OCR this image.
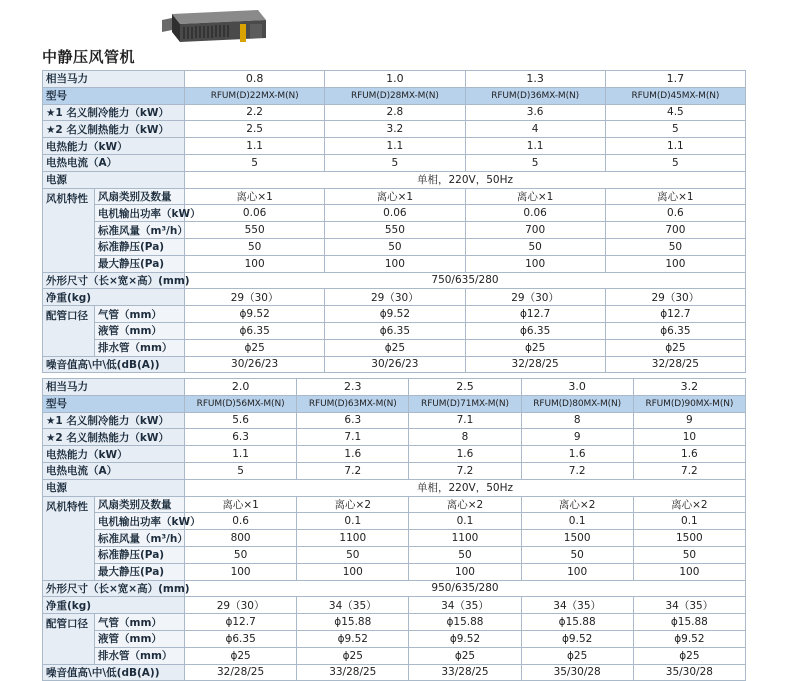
中静压风管机
相当马力		0.8	1.0	1.3	1.7
型号		RFUM(D)22MX-M(N)	RFUM(D)28MX-M(N)	RFUM(D)36MX-M(N)	RFUM(D)45MX-M(N)
★1 名义制冷能力（kW）		2.2	2.8	3.6	4.5
★2 名义制热能力（kW）		2.5	3.2	4	5
电热能力（kW）		1.1	1.1	1.1	1.1
电热电流（A）		5	5	5	5
电源		单相，220V，50Hz			
风机特性	风扇类别及数量	离心×1	离心×1	离心×1	离心×1
	电机输出功率（kW）	0.06	0.06	0.06	0.6
	标准风量（m³/h）	550	550	700	700
	标准静压(Pa)	50	50	50	50
	最大静压(Pa)	100	100	100	100
外形尺寸（长×宽×高）(mm)		750/635/280			
净重(kg)		29（30）	29（30）	29（30）	29（30）
配管口径	气管（mm）	ϕ9.52	ϕ9.52	ϕ12.7	ϕ12.7
	液管（mm）	ϕ6.35	ϕ6.35	ϕ6.35	ϕ6.35
	排水管（mm）	ϕ25	ϕ25	ϕ25	ϕ25
噪音值高\中\低(dB(A))		30/26/23	30/26/23	32/28/25	32/28/25
相当马力		2.0	2.3	2.5	3.0	3.2
型号		RFUM(D)56MX-M(N)	RFUM(D)63MX-M(N)	RFUM(D)71MX-M(N)	RFUM(D)80MX-M(N)	RFUM(D)90MX-M(N)
★1 名义制冷能力（kW）		5.6	6.3	7.1	8	9
★2 名义制热能力（kW）		6.3	7.1	8	9	10
电热能力（kW）		1.1	1.6	1.6	1.6	1.6
电热电流（A）		5	7.2	7.2	7.2	7.2
电源		单相，220V，50Hz				
风机特性	风扇类别及数量	离心×1	离心×2	离心×2	离心×2	离心×2
	电机输出功率（kW）	0.6	0.1	0.1	0.1	0.1
	标准风量（m³/h）	800	1100	1100	1500	1500
	标准静压(Pa)	50	50	50	50	50
	最大静压(Pa)	100	100	100	100	100
外形尺寸（长×宽×高）(mm)		950/635/280				
净重(kg)		29（30）	34（35）	34（35）	34（35）	34（35）
配管口径	气管（mm）	ϕ12.7	ϕ15.88	ϕ15.88	ϕ15.88	ϕ15.88
	液管（mm）	ϕ6.35	ϕ9.52	ϕ9.52	ϕ9.52	ϕ9.52
	排水管（mm）	ϕ25	ϕ25	ϕ25	ϕ25	ϕ25
噪音值高\中\低(dB(A))		32/28/25	33/28/25	33/28/25	35/30/28	35/30/28
